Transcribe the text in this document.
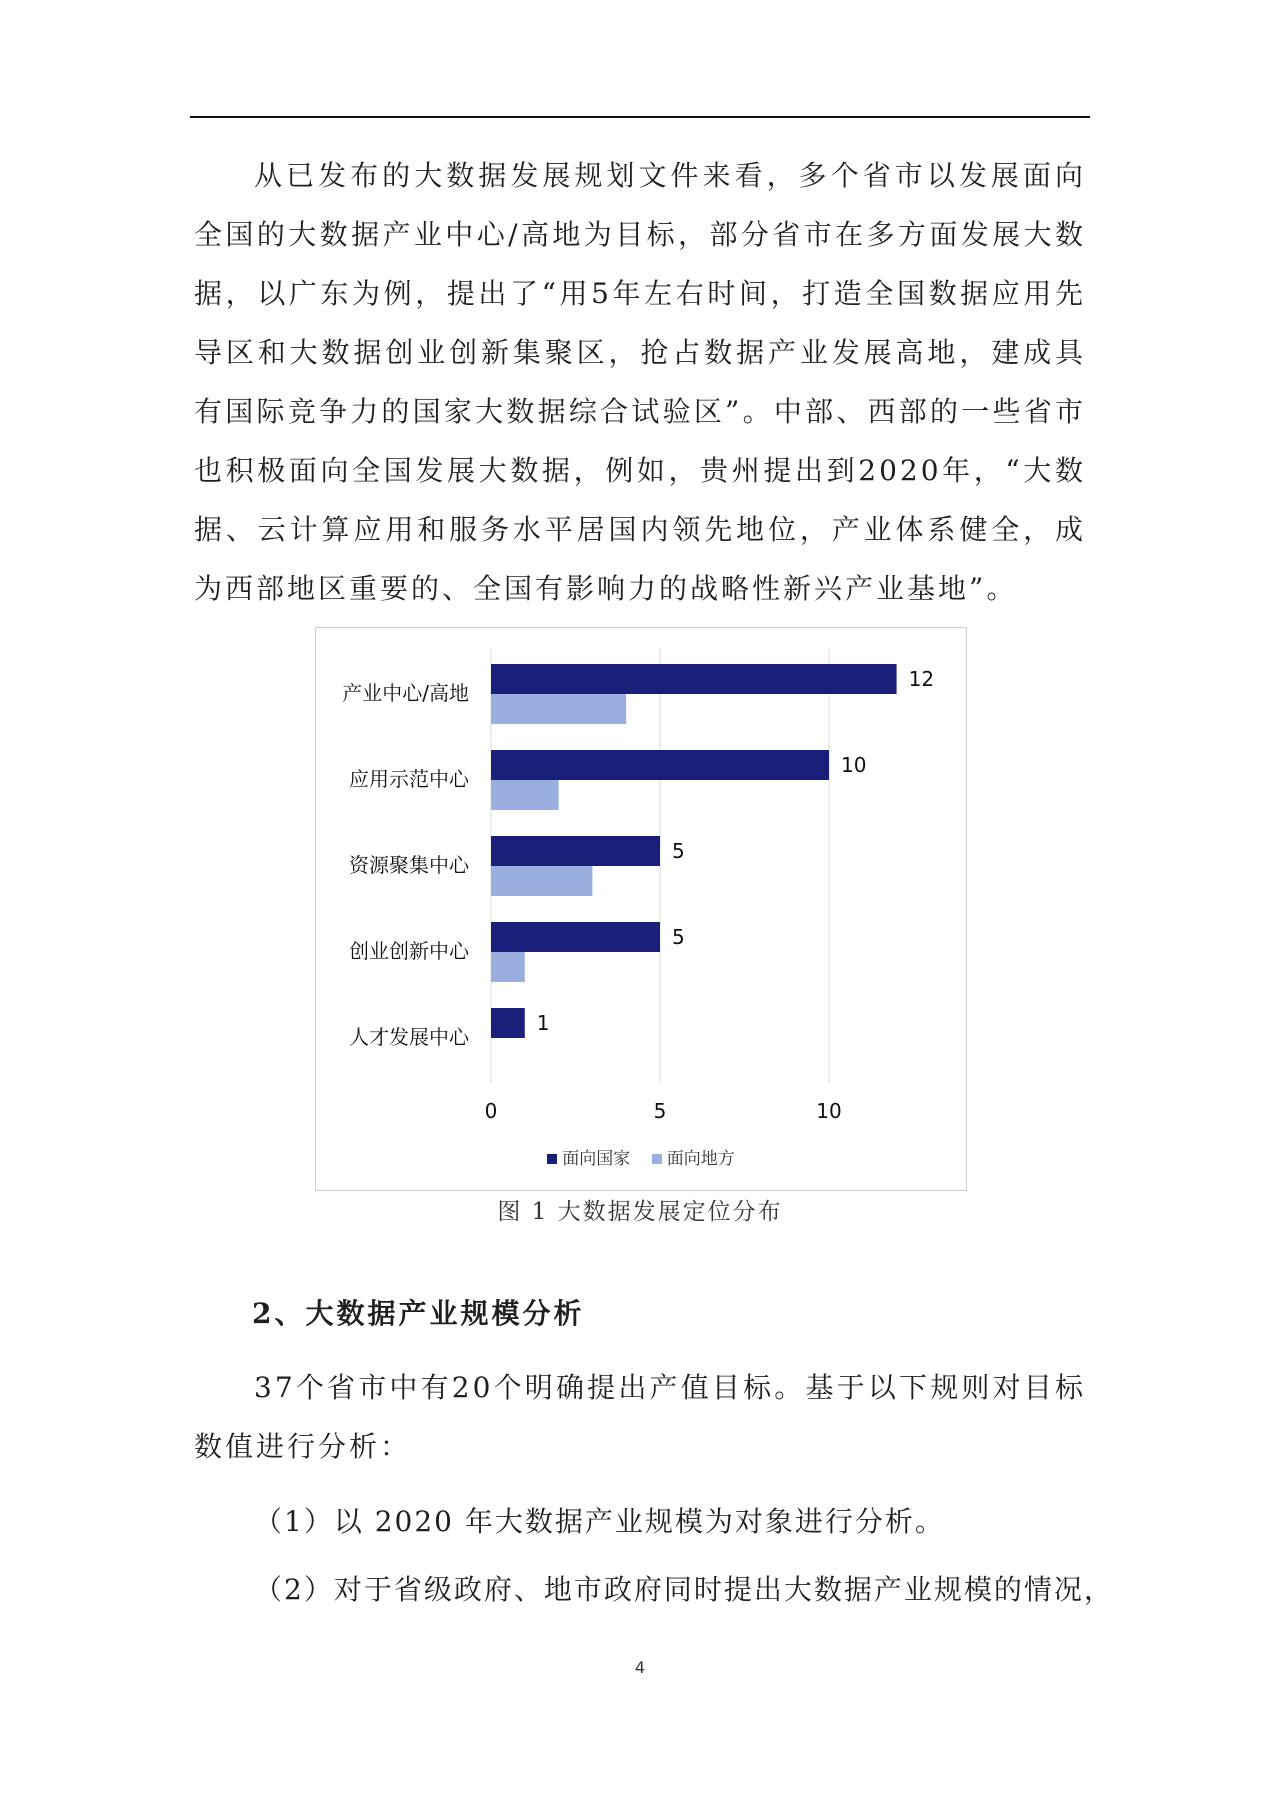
从已发布的大数据发展规划文件来看，多个省市以发展面向全国的大数据产业中心/高地为目标，部分省市在多方面发展大数据，以广东为例，提出了“用5年左右时间，打造全国数据应用先导区和大数据创业创新集聚区，抢占数据产业发展高地，建成具有国际竞争力的国家大数据综合试验区”。中部、西部的一些省市也积极面向全国发展大数据，例如，贵州提出到2020年，“大数据、云计算应用和服务水平居国内领先地位，产业体系健全，成为西部地区重要的、全国有影响力的战略性新兴产业基地”。

0	5	10
产业中心/高地
12
应用示范中心
10
资源聚集中心
5
创业创新中心
5
人才发展中心
1
面向国家 面向地方
图 1 大数据发展定位分布
2、大数据产业规模分析

37个省市中有20个明确提出产值目标。基于以下规则对目标数值进行分析：

（1）以 2020 年大数据产业规模为对象进行分析。
（2）对于省级政府、地市政府同时提出大数据产业规模的情况，
4
